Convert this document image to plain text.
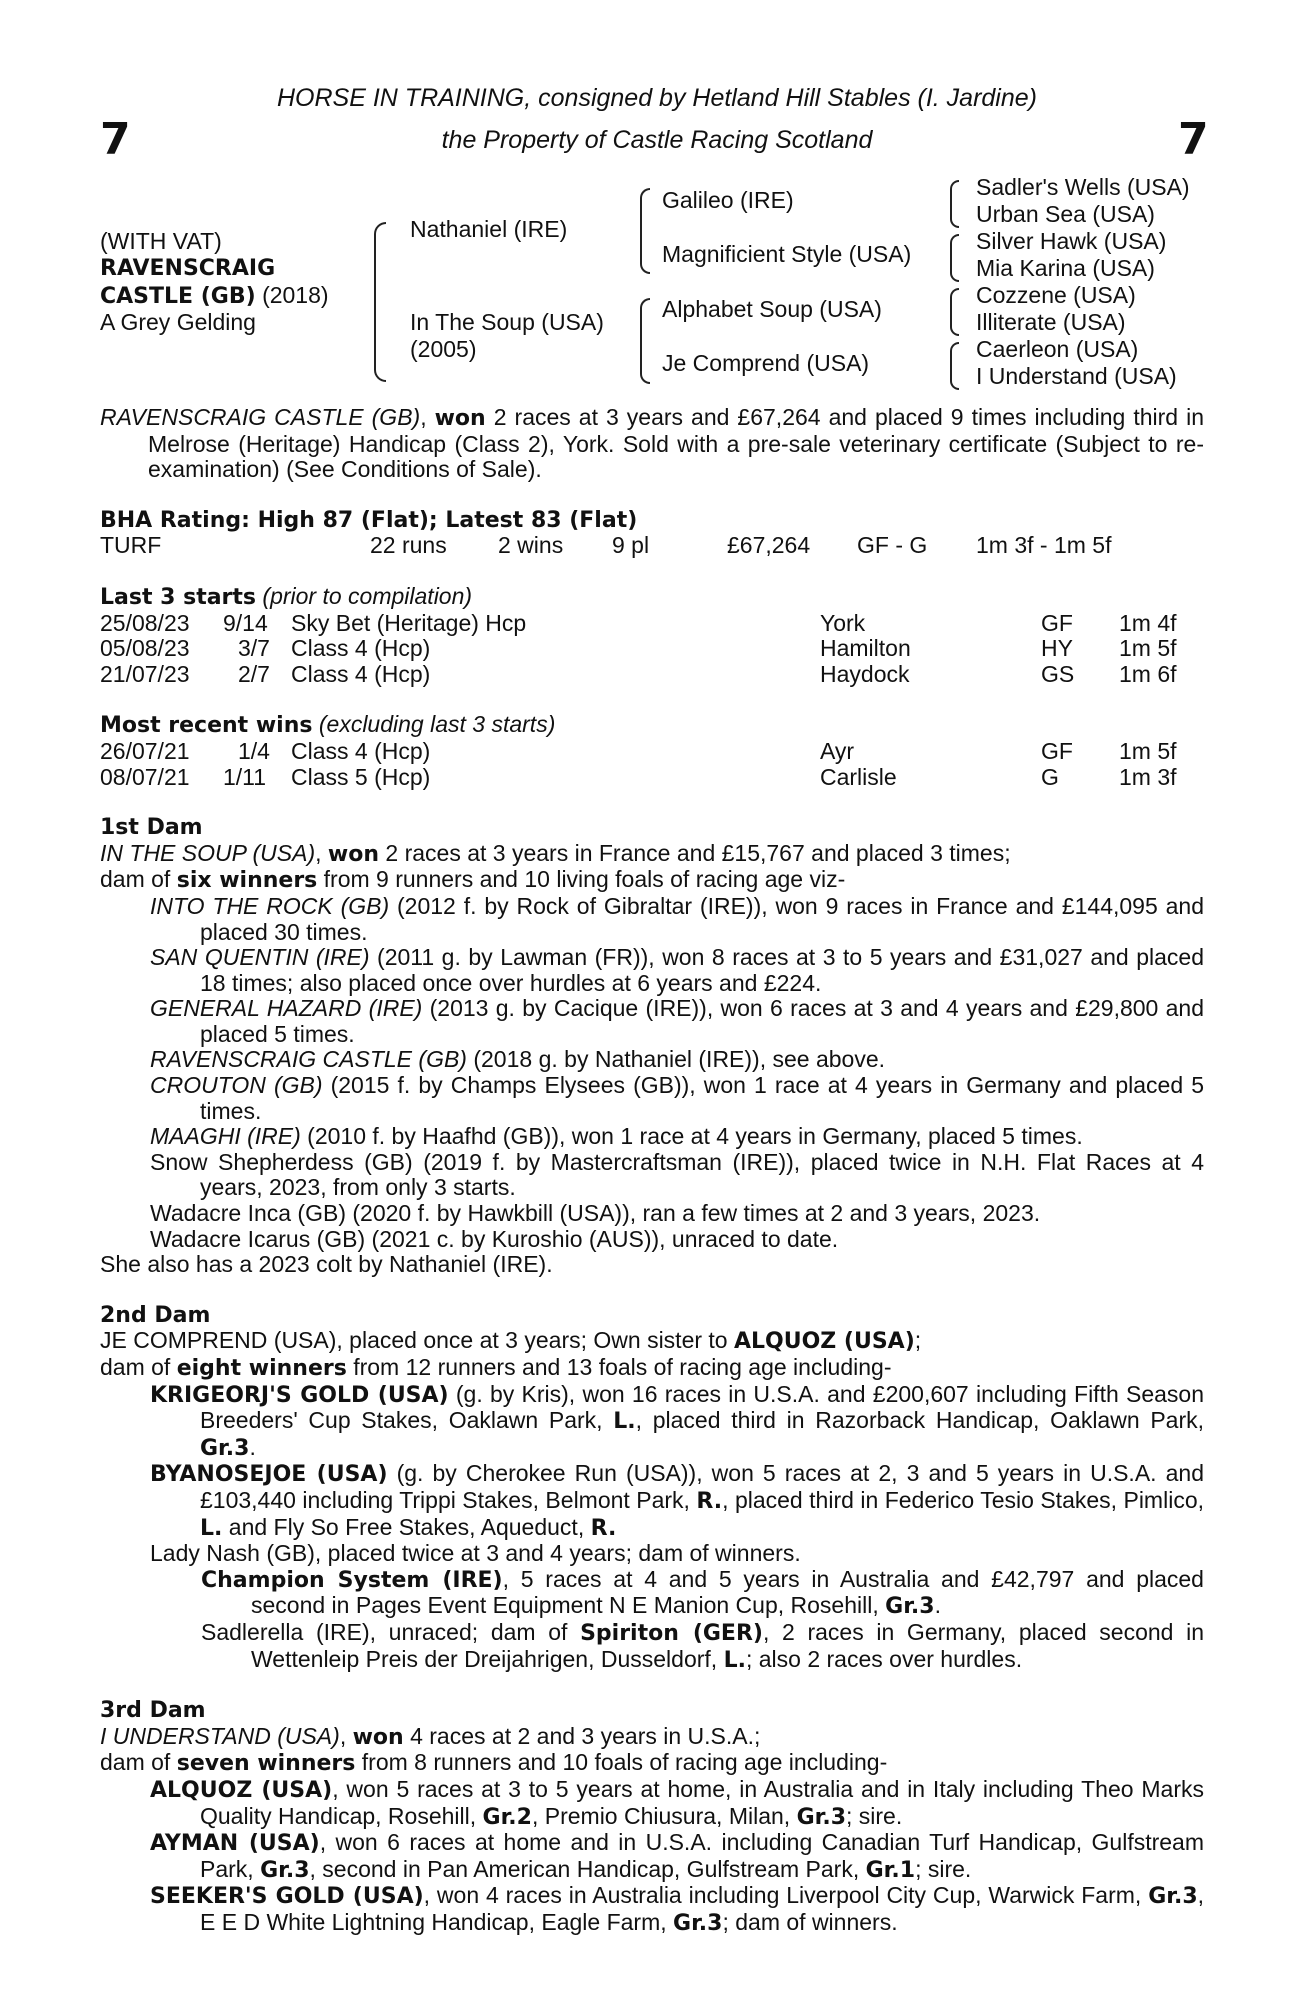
7	7
HORSE IN TRAINING, consigned by Hetland Hill Stables (I. Jardine)
the Property of Castle Racing Scotland
(WITH VAT)
RAVENSCRAIG
CASTLE (GB) (2018)
A Grey Gelding
Nathaniel (IRE)
In The Soup (USA)
(2005)
Galileo (IRE)
Magnificient Style (USA)
Alphabet Soup (USA)
Je Comprend (USA)
Sadler's Wells (USA)
Urban Sea (USA)
Silver Hawk (USA)
Mia Karina (USA)
Cozzene (USA)
Illiterate (USA)
Caerleon (USA)
I Understand (USA)
RAVENSCRAIG CASTLE (GB), won 2 races at 3 years and £67,264 and placed 9 times including third in Melrose (Heritage) Handicap (Class 2), York. Sold with a pre-sale veterinary certificate (Subject to re-examination) (See Conditions of Sale).
BHA Rating: High 87 (Flat); Latest 83 (Flat)
TURF	22 runs 2 wins 9 pl	£67,264 GF - G 1m 3f - 1m 5f
Last 3 starts (prior to compilation)
25/08/23 9/14 Sky Bet (Heritage) Hcp	York	GF 1m 4f
05/08/23 3/7 Class 4 (Hcp)	Hamilton	HY 1m 5f
21/07/23 2/7 Class 4 (Hcp)	Haydock	GS 1m 6f
Most recent wins (excluding last 3 starts)
26/07/21 1/4 Class 4 (Hcp)	Ayr	GF 1m 5f
08/07/21 1/11 Class 5 (Hcp)	Carlisle	G	1m 3f
1st Dam
IN THE SOUP (USA), won 2 races at 3 years in France and £15,767 and placed 3 times;
dam of six winners from 9 runners and 10 living foals of racing age viz-
INTO THE ROCK (GB) (2012 f. by Rock of Gibraltar (IRE)), won 9 races in France and £144,095 and placed 30 times.
SAN QUENTIN (IRE) (2011 g. by Lawman (FR)), won 8 races at 3 to 5 years and £31,027 and placed 18 times; also placed once over hurdles at 6 years and £224.
GENERAL HAZARD (IRE) (2013 g. by Cacique (IRE)), won 6 races at 3 and 4 years and £29,800 and placed 5 times.
RAVENSCRAIG CASTLE (GB) (2018 g. by Nathaniel (IRE)), see above.
CROUTON (GB) (2015 f. by Champs Elysees (GB)), won 1 race at 4 years in Germany and placed 5 times.
MAAGHI (IRE) (2010 f. by Haafhd (GB)), won 1 race at 4 years in Germany, placed 5 times.
Snow Shepherdess (GB) (2019 f. by Mastercraftsman (IRE)), placed twice in N.H. Flat Races at 4 years, 2023, from only 3 starts.
Wadacre Inca (GB) (2020 f. by Hawkbill (USA)), ran a few times at 2 and 3 years, 2023.
Wadacre Icarus (GB) (2021 c. by Kuroshio (AUS)), unraced to date.
She also has a 2023 colt by Nathaniel (IRE).
2nd Dam
JE COMPREND (USA), placed once at 3 years; Own sister to ALQUOZ (USA);
dam of eight winners from 12 runners and 13 foals of racing age including-
KRIGEORJ'S GOLD (USA) (g. by Kris), won 16 races in U.S.A. and £200,607 including Fifth Season Breeders' Cup Stakes, Oaklawn Park, L., placed third in Razorback Handicap, Oaklawn Park, Gr.3.
BYANOSEJOE (USA) (g. by Cherokee Run (USA)), won 5 races at 2, 3 and 5 years in U.S.A. and £103,440 including Trippi Stakes, Belmont Park, R., placed third in Federico Tesio Stakes, Pimlico, L. and Fly So Free Stakes, Aqueduct, R.
Lady Nash (GB), placed twice at 3 and 4 years; dam of winners.
Champion System (IRE), 5 races at 4 and 5 years in Australia and £42,797 and placed second in Pages Event Equipment N E Manion Cup, Rosehill, Gr.3.
Sadlerella (IRE), unraced; dam of Spiriton (GER), 2 races in Germany, placed second in Wettenleip Preis der Dreijahrigen, Dusseldorf, L.; also 2 races over hurdles.
3rd Dam
I UNDERSTAND (USA), won 4 races at 2 and 3 years in U.S.A.;
dam of seven winners from 8 runners and 10 foals of racing age including-
ALQUOZ (USA), won 5 races at 3 to 5 years at home, in Australia and in Italy including Theo Marks Quality Handicap, Rosehill, Gr.2, Premio Chiusura, Milan, Gr.3; sire.
AYMAN (USA), won 6 races at home and in U.S.A. including Canadian Turf Handicap, Gulfstream Park, Gr.3, second in Pan American Handicap, Gulfstream Park, Gr.1; sire.
SEEKER'S GOLD (USA), won 4 races in Australia including Liverpool City Cup, Warwick Farm, Gr.3, E E D White Lightning Handicap, Eagle Farm, Gr.3; dam of winners.
